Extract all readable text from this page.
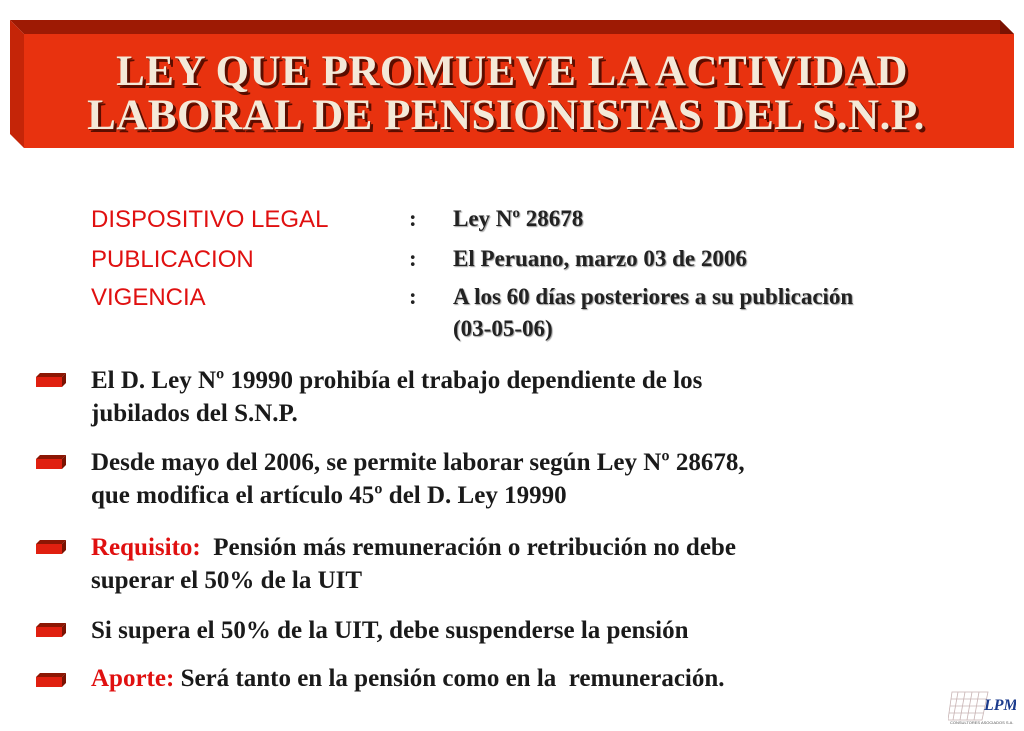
LEY QUE PROMUEVE LA ACTIVIDAD
LABORAL DE PENSIONISTAS DEL S.N.P.
DISPOSITIVO LEGAL	: Ley Nº 28678
PUBLICACION	: El Peruano, marzo 03 de 2006
VIGENCIA	: A los 60 días posteriores a su publicación
(03-05-06)
El D. Ley Nº 19990 prohibía el trabajo dependiente de los
jubilados del S.N.P.
Desde mayo del 2006, se permite laborar según Ley Nº 28678,
que modifica el artículo 45º del D. Ley 19990
Requisito:  Pensión más remuneración o retribución no debe
superar el 50% de la UIT
Si supera el 50% de la UIT, debe suspenderse la pensión
Aporte: Será tanto en la pensión como en la  remuneración.
LPM
CONSULTORES ASOCIADOS S.A.
